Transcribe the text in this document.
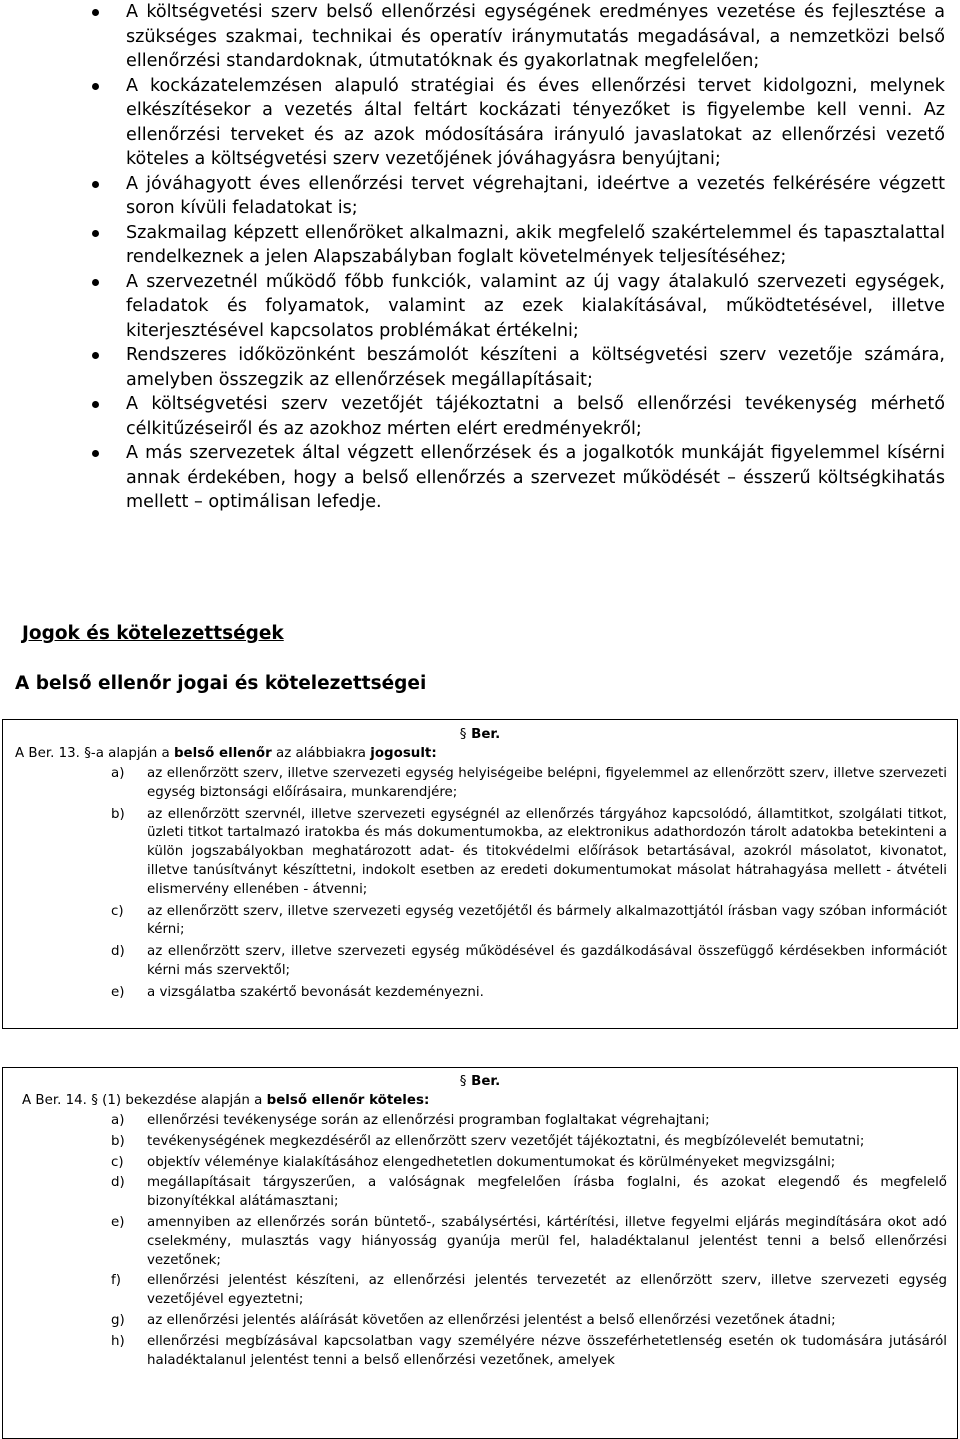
A költségvetési szerv belső ellenőrzési egységének eredményes vezetése és fejlesztése a szükséges szakmai, technikai és operatív iránymutatás megadásával, a nemzetközi belső ellenőrzési standardoknak, útmutatóknak és gyakorlatnak megfelelően;
A kockázatelemzésen alapuló stratégiai és éves ellenőrzési tervet kidolgozni, melynek elkészítésekor a vezetés által feltárt kockázati tényezőket is figyelembe kell venni. Az ellenőrzési terveket és az azok módosítására irányuló javaslatokat az ellenőrzési vezető köteles a költségvetési szerv vezetőjének jóváhagyásra benyújtani;
A jóváhagyott éves ellenőrzési tervet végrehajtani, ideértve a vezetés felkérésére végzett soron kívüli feladatokat is;
Szakmailag képzett ellenőröket alkalmazni, akik megfelelő szakértelemmel és tapasztalattal rendelkeznek a jelen Alapszabályban foglalt követelmények teljesítéséhez;
A szervezetnél működő főbb funkciók, valamint az új vagy átalakuló szervezeti egységek, feladatok és folyamatok, valamint az ezek kialakításával, működtetésével, illetve kiterjesztésével kapcsolatos problémákat értékelni;
Rendszeres időközönként beszámolót készíteni a költségvetési szerv vezetője számára, amelyben összegzik az ellenőrzések megállapításait;
A költségvetési szerv vezetőjét tájékoztatni a belső ellenőrzési tevékenység mérhető célkitűzéseiről és az azokhoz mérten elért eredményekről;
A más szervezetek által végzett ellenőrzések és a jogalkotók munkáját figyelemmel kísérni annak érdekében, hogy a belső ellenőrzés a szervezet működését – ésszerű költségkihatás mellett – optimálisan lefedje.
Jogok és kötelezettségek
A belső ellenőr jogai és kötelezettségei
§ Ber.
A Ber. 13. §-a alapján a belső ellenőr az alábbiakra jogosult:
a) az ellenőrzött szerv, illetve szervezeti egység helyiségeibe belépni, figyelemmel az ellenőrzött szerv, illetve szervezeti egység biztonsági előírásaira, munkarendjére;
b) az ellenőrzött szervnél, illetve szervezeti egységnél az ellenőrzés tárgyához kapcsolódó, államtitkot, szolgálati titkot, üzleti titkot tartalmazó iratokba és más dokumentumokba, az elektronikus adathordozón tárolt adatokba betekinteni a külön jogszabályokban meghatározott adat- és titokvédelmi előírások betartásával, azokról másolatot, kivonatot, illetve tanúsítványt készíttetni, indokolt esetben az eredeti dokumentumokat másolat hátrahagyása mellett - átvételi elismervény ellenében - átvenni;
c) az ellenőrzött szerv, illetve szervezeti egység vezetőjétől és bármely alkalmazottjától írásban vagy szóban információt kérni;
d) az ellenőrzött szerv, illetve szervezeti egység működésével és gazdálkodásával összefüggő kérdésekben információt kérni más szervektől;
e) a vizsgálatba szakértő bevonását kezdeményezni.
§ Ber.
A Ber. 14. § (1) bekezdése alapján a belső ellenőr köteles:
a) ellenőrzési tevékenysége során az ellenőrzési programban foglaltakat végrehajtani;
b) tevékenységének megkezdéséről az ellenőrzött szerv vezetőjét tájékoztatni, és megbízólevelét bemutatni;
c) objektív véleménye kialakításához elengedhetetlen dokumentumokat és körülményeket megvizsgálni;
d) megállapításait tárgyszerűen, a valóságnak megfelelően írásba foglalni, és azokat elegendő és megfelelő bizonyítékkal alátámasztani;
e) amennyiben az ellenőrzés során büntető-, szabálysértési, kártérítési, illetve fegyelmi eljárás megindítására okot adó cselekmény, mulasztás vagy hiányosság gyanúja merül fel, haladéktalanul jelentést tenni a belső ellenőrzési vezetőnek;
f) ellenőrzési jelentést készíteni, az ellenőrzési jelentés tervezetét az ellenőrzött szerv, illetve szervezeti egység vezetőjével egyeztetni;
g) az ellenőrzési jelentés aláírását követően az ellenőrzési jelentést a belső ellenőrzési vezetőnek átadni;
h) ellenőrzési megbízásával kapcsolatban vagy személyére nézve összeférhetetlenség esetén ok tudomására jutásáról haladéktalanul jelentést tenni a belső ellenőrzési vezetőnek, amelyek
